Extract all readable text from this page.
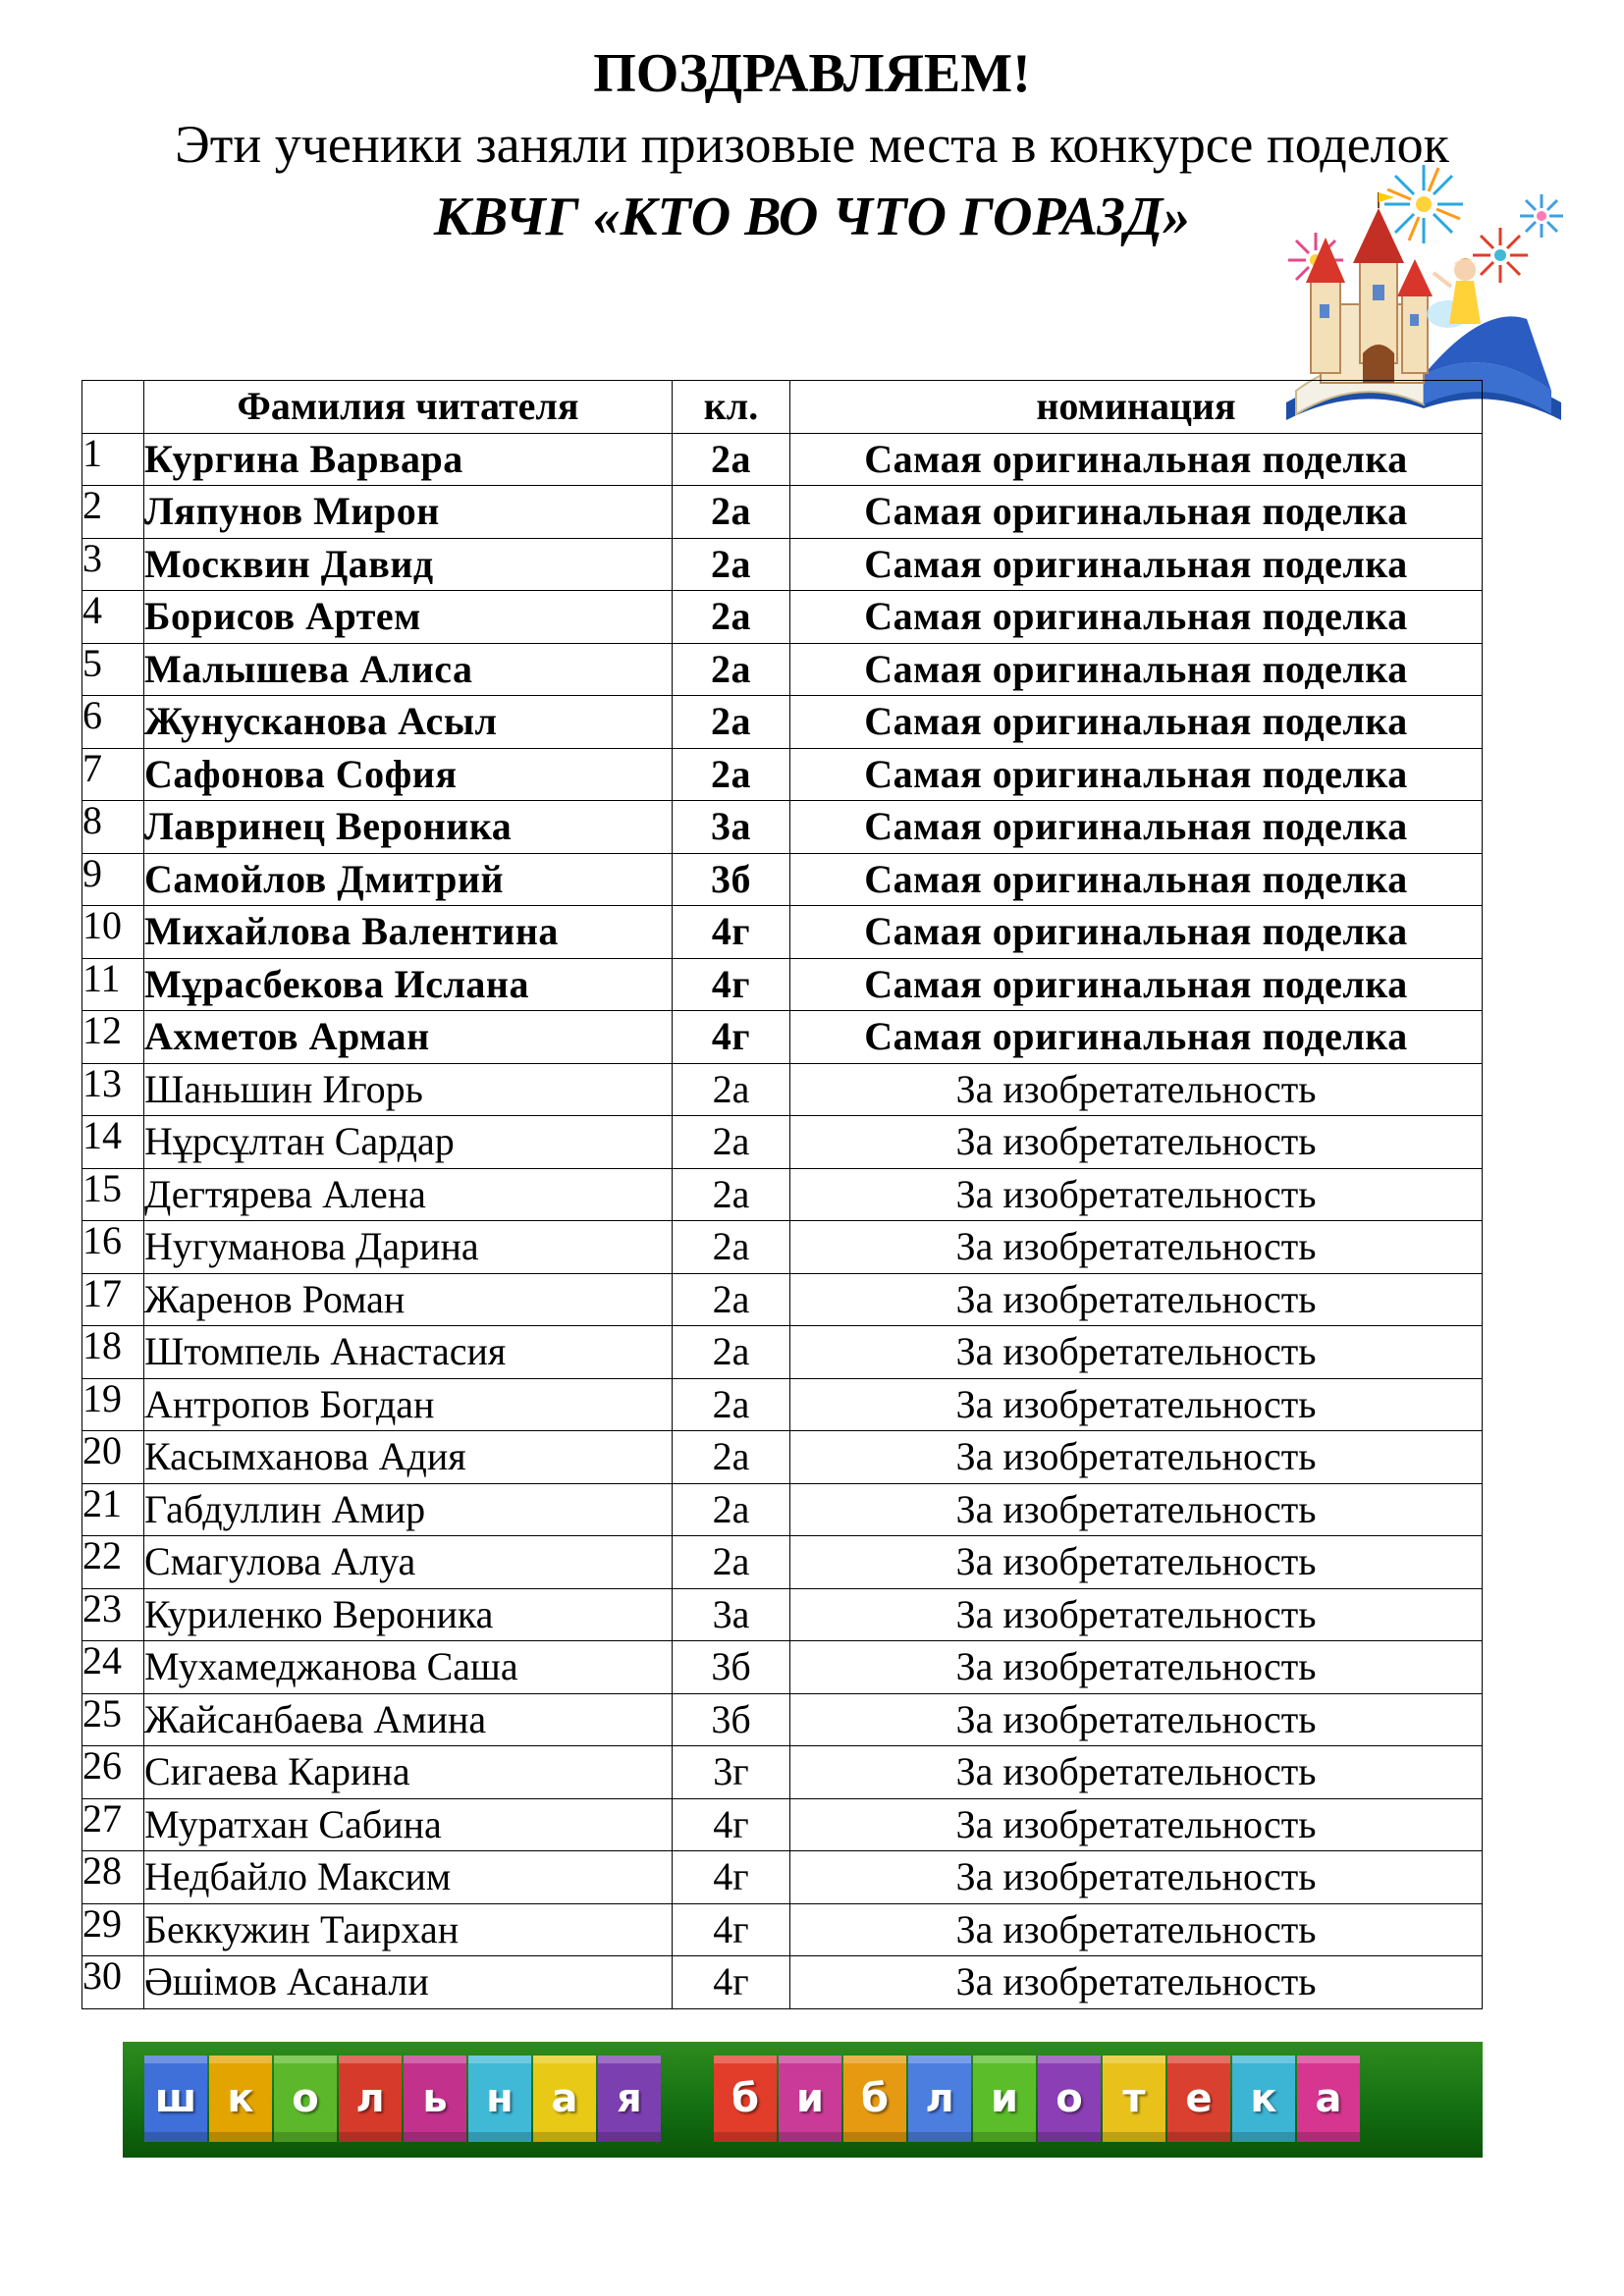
ПОЗДРАВЛЯЕМ!
Эти ученики заняли призовые места в конкурсе поделок
КВЧГ «КТО ВО ЧТО ГОРАЗД»
	Фамилия читателя	кл.	номинация
1	Кургина Варвара	2а	Самая оригинальная поделка
2	Ляпунов Мирон	2а	Самая оригинальная поделка
3	Москвин Давид	2а	Самая оригинальная поделка
4	Борисов Артем	2а	Самая оригинальная поделка
5	Малышева Алиса	2а	Самая оригинальная поделка
6	Жунусканова Асыл	2а	Самая оригинальная поделка
7	Сафонова София	2а	Самая оригинальная поделка
8	Лавринец Вероника	3а	Самая оригинальная поделка
9	Самойлов Дмитрий	3б	Самая оригинальная поделка
10	Михайлова Валентина	4г	Самая оригинальная поделка
11	Мұрасбекова Ислана	4г	Самая оригинальная поделка
12	Ахметов Арман	4г	Самая оригинальная поделка
13	Шаньшин Игорь	2а	За изобретательность
14	Нұрсұлтан Сардар	2а	За изобретательность
15	Дегтярева Алена	2а	За изобретательность
16	Нугуманова Дарина	2а	За изобретательность
17	Жаренов Роман	2а	За изобретательность
18	Штомпель Анастасия	2а	За изобретательность
19	Антропов Богдан	2а	За изобретательность
20	Касымханова Адия	2а	За изобретательность
21	Габдуллин Амир	2а	За изобретательность
22	Смагулова Алуа	2а	За изобретательность
23	Куриленко Вероника	3а	За изобретательность
24	Мухамеджанова Саша	3б	За изобретательность
25	Жайсанбаева Амина	3б	За изобретательность
26	Сигаева Карина	3г	За изобретательность
27	Муратхан Сабина	4г	За изобретательность
28	Недбайло Максим	4г	За изобретательность
29	Беккужин Таирхан	4г	За изобретательность
30	Әшімов Асанали	4г	За изобретательность
ш к о л ь н а я	б и б л и о	т	е к а
